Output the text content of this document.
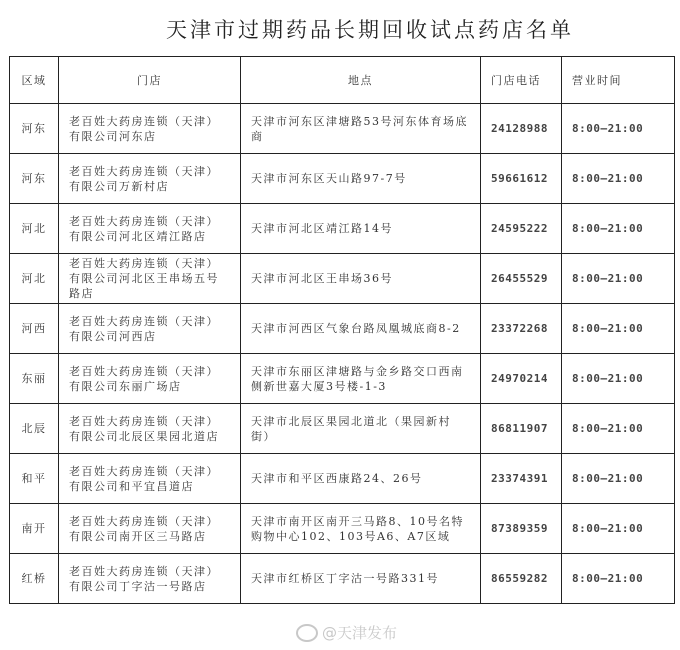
天津市过期药品长期回收试点药店名单
区域	门店	地点	门店电话	营业时间
河东	老百姓大药房连锁（天津）有限公司河东店	天津市河东区津塘路53号河东体育场底商	24128988	8:00—21:00
河东	老百姓大药房连锁（天津）有限公司万新村店	天津市河东区天山路97-7号	59661612	8:00—21:00
河北	老百姓大药房连锁（天津）有限公司河北区靖江路店	天津市河北区靖江路14号	24595222	8:00—21:00
河北	老百姓大药房连锁（天津）有限公司河北区王串场五号路店	天津市河北区王串场36号	26455529	8:00—21:00
河西	老百姓大药房连锁（天津）有限公司河西店	天津市河西区气象台路凤凰城底商8-2	23372268	8:00—21:00
东丽	老百姓大药房连锁（天津）有限公司东丽广场店	天津市东丽区津塘路与金乡路交口西南侧新世嘉大厦3号楼-1-3	24970214	8:00—21:00
北辰	老百姓大药房连锁（天津）有限公司北辰区果园北道店	天津市北辰区果园北道北（果园新村街）	86811907	8:00—21:00
和平	老百姓大药房连锁（天津）有限公司和平宜昌道店	天津市和平区西康路24、26号	23374391	8:00—21:00
南开	老百姓大药房连锁（天津）有限公司南开区三马路店	天津市南开区南开三马路8、10号名特购物中心102、103号A6、A7区域	87389359	8:00—21:00
红桥	老百姓大药房连锁（天津）有限公司丁字沽一号路店	天津市红桥区丁字沽一号路331号	86559282	8:00—21:00
@天津发布
